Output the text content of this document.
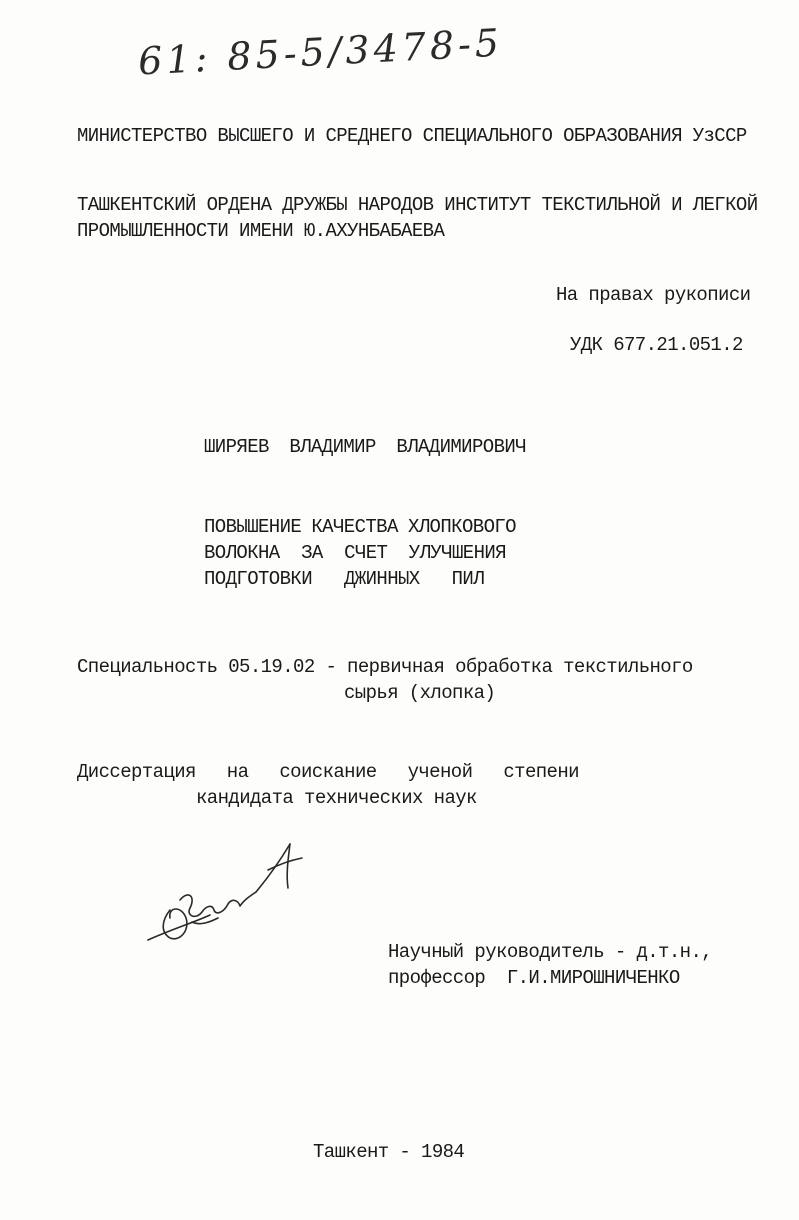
61: 85-5/3478-5
МИНИСТЕРСТВО ВЫСШЕГО И СРЕДНЕГО СПЕЦИАЛЬНОГО ОБРАЗОВАНИЯ УзССР
ТАШКЕНТСКИЙ ОРДЕНА ДРУЖБЫ НАРОДОВ ИНСТИТУТ ТЕКСТИЛЬНОЙ И ЛЕГКОЙ
ПРОМЫШЛЕННОСТИ ИМЕНИ Ю.АХУНБАБАЕВА
На правах рукописи
УДК 677.21.051.2
ШИРЯЕВ ВЛАДИМИР ВЛАДИМИРОВИЧ
ПОВЫШЕНИЕ КАЧЕСТВА ХЛОПКОВОГО
ВОЛОКНА ЗА СЧЕТ УЛУЧШЕНИЯ
ПОДГОТОВКИ ДЖИННЫХ ПИЛ
Специальность 05.19.02 - первичная обработка текстильного
сырья (хлопка)
Диссертация на соискание ученой степени
кандидата технических наук
Научный руководитель - д.т.н.,
профессор Г.И.МИРОШНИЧЕНКО
Ташкент - 1984
